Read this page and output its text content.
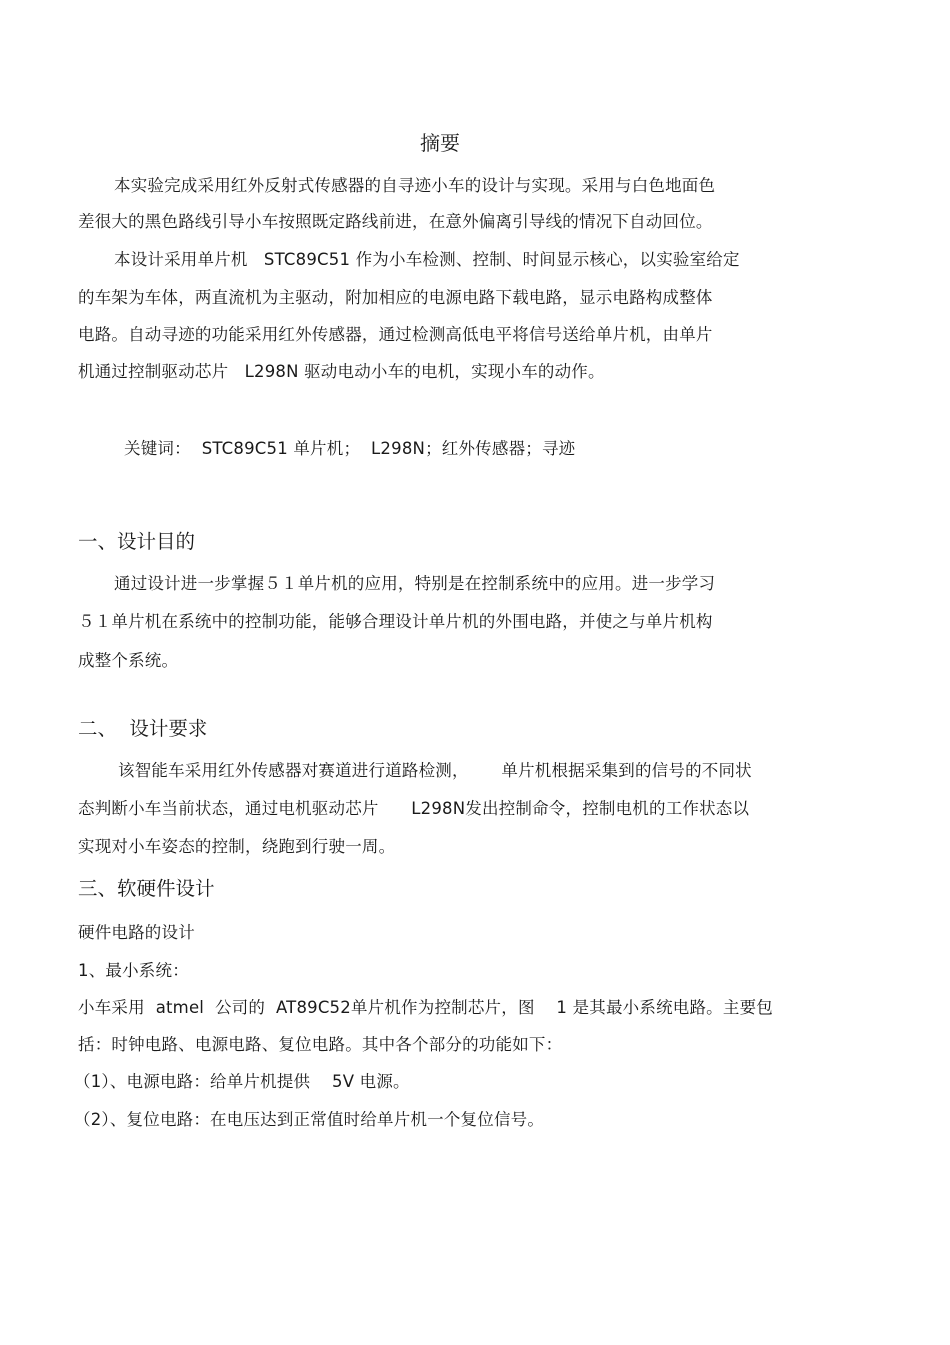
摘要
本实验完成采用红外反射式传感器的自寻迹小车的设计与实现。采用与白色地面色
差很大的黑色路线引导小车按照既定路线前进，在意外偏离引导线的情况下自动回位。
本设计采用单片机   STC89C51 作为小车检测、控制、时间显示核心，以实验室给定
的车架为车体，两直流机为主驱动，附加相应的电源电路下载电路，显示电路构成整体
电路。自动寻迹的功能采用红外传感器，通过检测高低电平将信号送给单片机，由单片
机通过控制驱动芯片   L298N 驱动电动小车的电机，实现小车的动作。
关键词：  STC89C51 单片机；  L298N；红外传感器；寻迹
一、设计目的
通过设计进一步掌握５１单片机的应用，特别是在控制系统中的应用。进一步学习
５１单片机在系统中的控制功能，能够合理设计单片机的外围电路，并使之与单片机构
成整个系统。
二、  设计要求
该智能车采用红外传感器对赛道进行道路检测，      单片机根据采集到的信号的不同状
态判断小车当前状态，通过电机驱动芯片      L298N发出控制命令，控制电机的工作状态以
实现对小车姿态的控制，绕跑到行驶一周。
三、软硬件设计
硬件电路的设计
1、最小系统：
小车采用  atmel  公司的  AT89C52单片机作为控制芯片，图    1 是其最小系统电路。主要包
括：时钟电路、电源电路、复位电路。其中各个部分的功能如下：
（1）、电源电路：给单片机提供    5V 电源。
（2）、复位电路：在电压达到正常值时给单片机一个复位信号。
